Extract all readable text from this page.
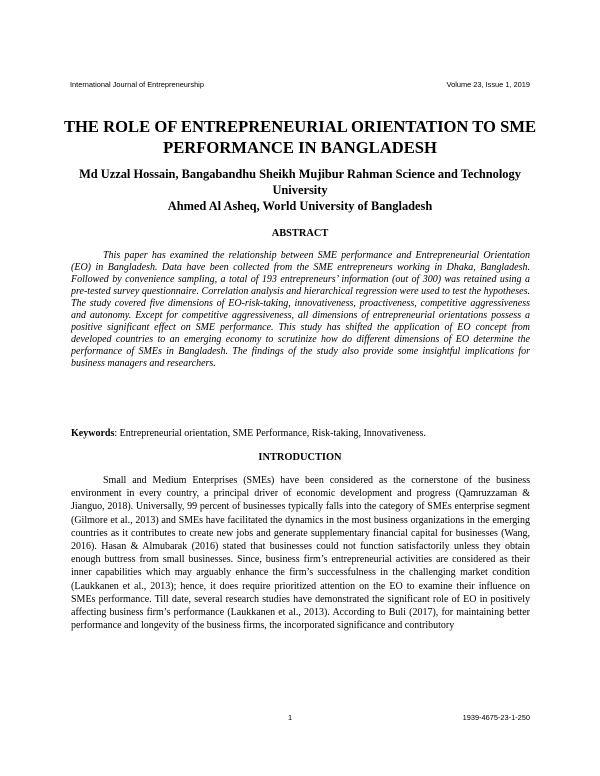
International Journal of Entrepreneurship	Volume 23, Issue 1, 2019
THE ROLE OF ENTREPRENEURIAL ORIENTATION TO SME PERFORMANCE IN BANGLADESH
Md Uzzal Hossain, Bangabandhu Sheikh Mujibur Rahman Science and Technology University
Ahmed Al Asheq, World University of Bangladesh
ABSTRACT

This paper has examined the relationship between SME performance and Entrepreneurial Orientation (EO) in Bangladesh. Data have been collected from the SME entrepreneurs working in Dhaka, Bangladesh. Followed by convenience sampling, a total of 193 entrepreneurs’ information (out of 300) was retained using a pre-tested survey questionnaire. Correlation analysis and hierarchical regression were used to test the hypotheses. The study covered five dimensions of EO-risk-taking, innovativeness, proactiveness, competitive aggressiveness and autonomy. Except for competitive aggressiveness, all dimensions of entrepreneurial orientations possess a positive significant effect on SME performance. This study has shifted the application of EO concept from developed countries to an emerging economy to scrutinize how do different dimensions of EO determine the performance of SMEs in Bangladesh. The findings of the study also provide some insightful implications for business managers and researchers.

Keywords: Entrepreneurial orientation, SME Performance, Risk-taking, Innovativeness.

INTRODUCTION

Small and Medium Enterprises (SMEs) have been considered as the cornerstone of the business environment in every country, a principal driver of economic development and progress (Qamruzzaman & Jianguo, 2018). Universally, 99 percent of businesses typically falls into the category of SMEs enterprise segment (Gilmore et al., 2013) and SMEs have facilitated the dynamics in the most business organizations in the emerging countries as it contributes to create new jobs and generate supplementary financial capital for businesses (Wang, 2016). Hasan & Almubarak (2016) stated that businesses could not function satisfactorily unless they obtain enough buttress from small businesses. Since, business firm’s entrepreneurial activities are considered as their inner capabilities which may arguably enhance the firm’s successfulness in the challenging market condition (Laukkanen et al., 2013); hence, it does require prioritized attention on the EO to examine their influence on SMEs performance. Till date, several research studies have demonstrated the significant role of EO in positively affecting business firm’s performance (Laukkanen et al., 2013). According to Buli (2017), for maintaining better performance and longevity of the business firms, the incorporated significance and contributory

1	1939-4675-23-1-250
